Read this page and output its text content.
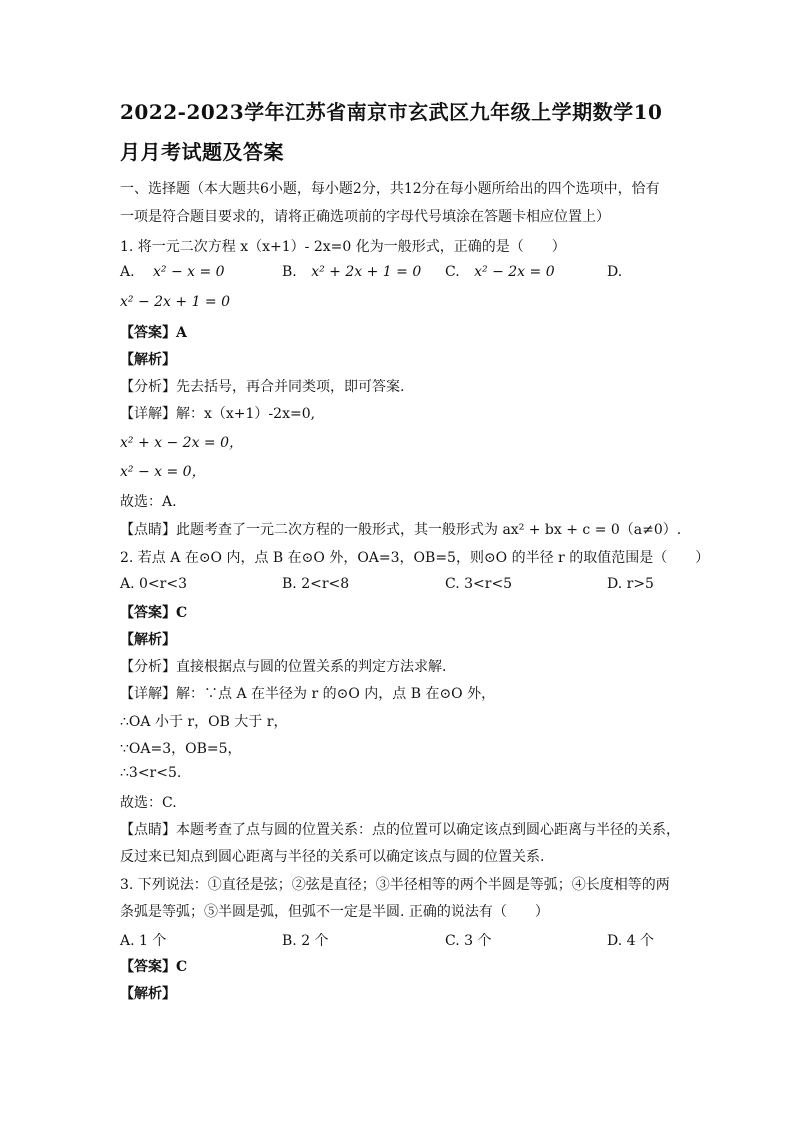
2022-2023学年江苏省南京市玄武区九年级上学期数学10
月月考试题及答案
一、选择题（本大题共6小题，每小题2分，共12分在每小题所给出的四个选项中，恰有
一项是符合题目要求的，请将正确选项前的字母代号填涂在答题卡相应位置上）
1. 将一元二次方程 x（x+1）- 2x=0 化为一般形式，正确的是（　　）
A. x² − x = 0	B. x² + 2x + 1 = 0 C. x² − 2x = 0	D.
x² − 2x + 1 = 0
【答案】A
【解析】
【分析】先去括号，再合并同类项，即可答案.
【详解】解：x（x+1）-2x=0,
x² + x − 2x = 0，
x² − x = 0，
故选：A.
【点睛】此题考查了一元二次方程的一般形式，其一般形式为 ax² + bx + c = 0（a≠0）.
2. 若点 A 在⊙O 内，点 B 在⊙O 外，OA=3，OB=5，则⊙O 的半径 r 的取值范围是（　　）
A. 0<r<3	B. 2<r<8	C. 3<r<5	D. r>5
【答案】C
【解析】
【分析】直接根据点与圆的位置关系的判定方法求解.
【详解】解：∵点 A 在半径为 r 的⊙O 内，点 B 在⊙O 外，
∴OA 小于 r，OB 大于 r，
∵OA=3，OB=5，
∴3<r<5.
故选：C.
【点睛】本题考查了点与圆的位置关系：点的位置可以确定该点到圆心距离与半径的关系，
反过来已知点到圆心距离与半径的关系可以确定该点与圆的位置关系.
3. 下列说法：①直径是弦；②弦是直径；③半径相等的两个半圆是等弧；④长度相等的两
条弧是等弧；⑤半圆是弧，但弧不一定是半圆. 正确的说法有（　　）
A. 1 个	B. 2 个	C. 3 个	D. 4 个
【答案】C
【解析】
